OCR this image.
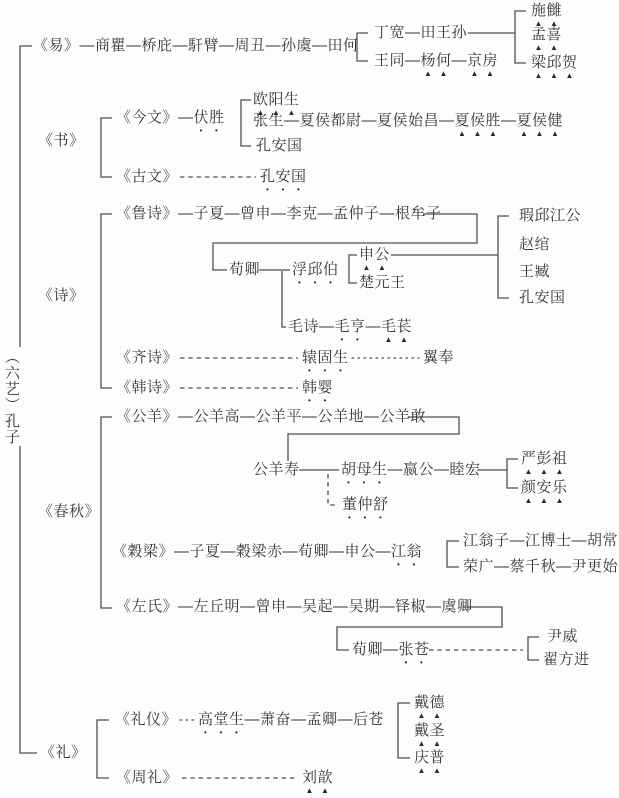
《易》—商瞿—桥庇—馯臂—周丑—孙虞—田何
丁宽—田王孙
王同—杨何—京房
施雠
孟喜
梁邱贺
《书》
《今文》—伏胜
欧阳生
张生—夏侯都尉—夏侯始昌—夏侯胜—夏侯健
孔安国
《古文》	孔安国
《诗》
《鲁诗》—子夏—曾申—李克—孟仲子—根牟子
荀卿 浮邱伯
申公
楚元王
瑕邱江公
赵绾
王臧
孔安国
毛诗—毛亨—毛苌
《齐诗》	辕固生	翼奉
《韩诗》	韩婴
《春秋》
《公羊》—公羊高—公羊平—公羊地—公羊敢
公羊寿	胡母生—嬴公—睦宏
董仲舒
严彭祖
颜安乐
《穀梁》—子夏—穀梁赤—荀卿—申公—江翁
江翁子—江博士—胡常
荣广—蔡千秋—尹更始
《左氏》—左丘明—曾申—吴起—吴期—铎椒—虞卿
荀卿—张苍
尹威
翟方进
《礼》
《礼仪》 高堂生—萧奋—孟卿—后苍
戴德
戴圣
庆普
《周礼》	刘歆
（六艺）孔子
